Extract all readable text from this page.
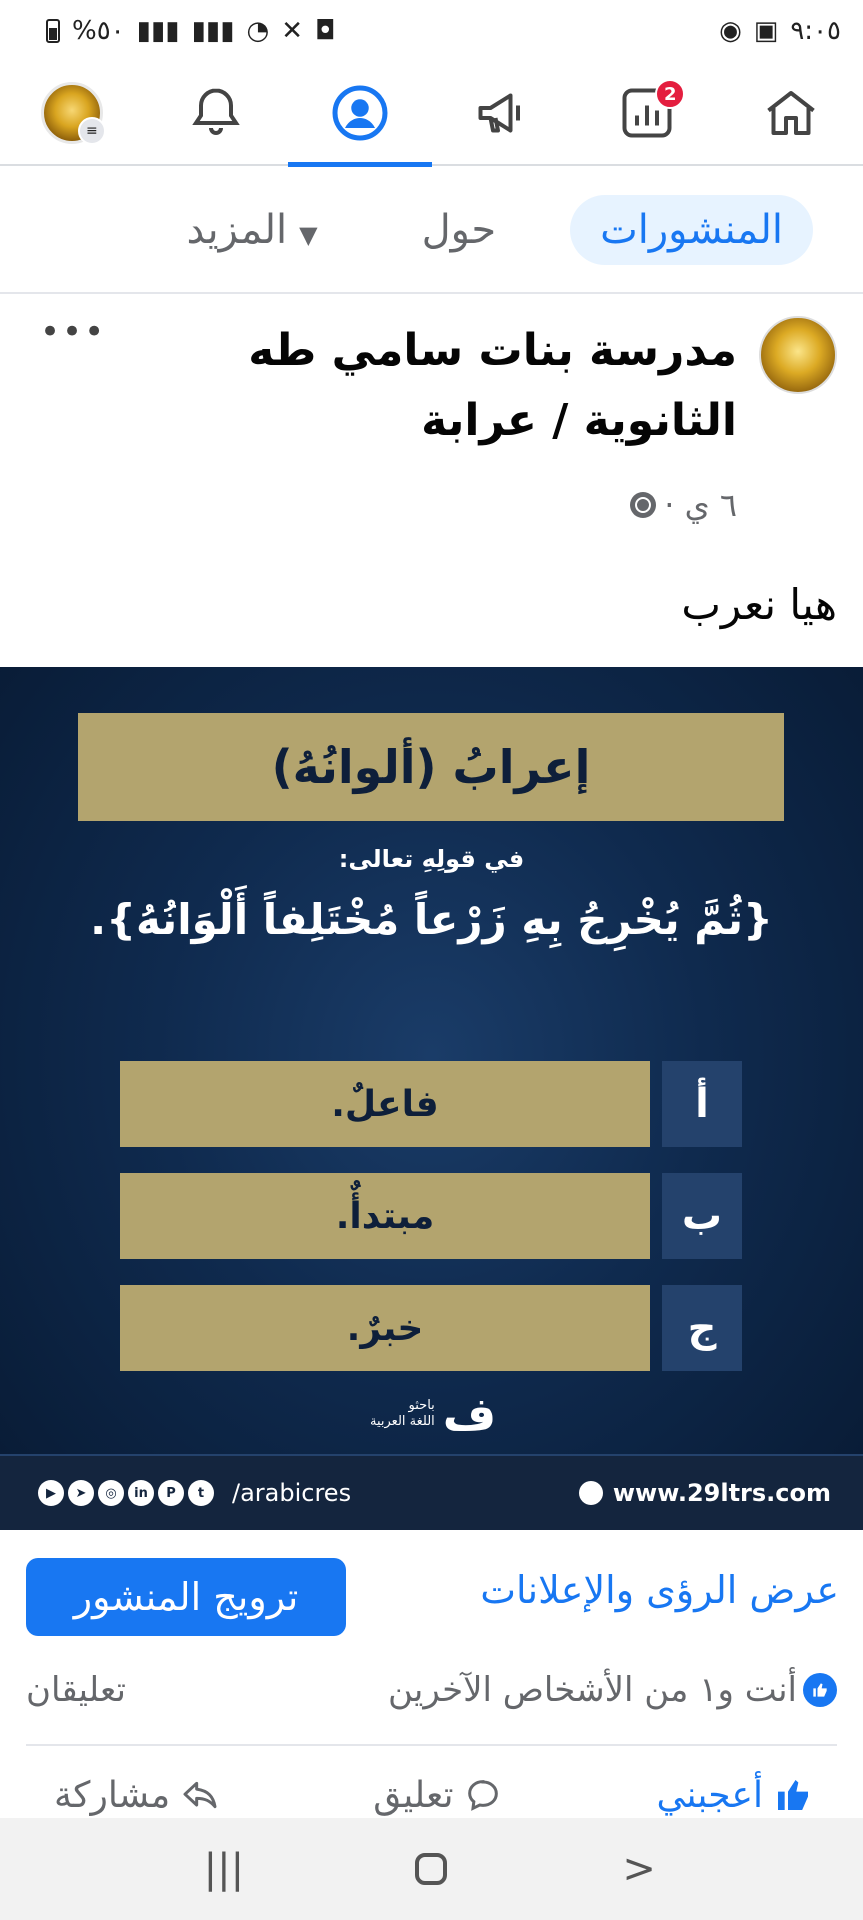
%٥٠ ▮▮▮ ▮▮▮ ◔ ✕ ◘	◉ ▣ ٩:٠٥
≡
2
المنشورات
حول
المزيد ▼
مدرسة بنات سامي طه الثانوية / عرابة
•••
٦ ي ·
هيا نعرب
إعرابُ (ألوانُهُ)
في قولِهِ تعالى:
{ثُمَّ يُخْرِجُ بِهِ زَرْعاً مُخْتَلِفاً أَلْوَانُهُ}.
فاعلٌ.	أ
مبتدأٌ.	ب
خبرٌ.	ج
ف
باحثو
اللغة العربية
▶	➤	◎	in	P	t	/arabicres	www.29ltrs.com
عرض الرؤى والإعلانات
ترويج المنشور
أنت و١ من الأشخاص الآخرين
تعليقان
أعجبني
تعليق
مشاركة
|||	>
